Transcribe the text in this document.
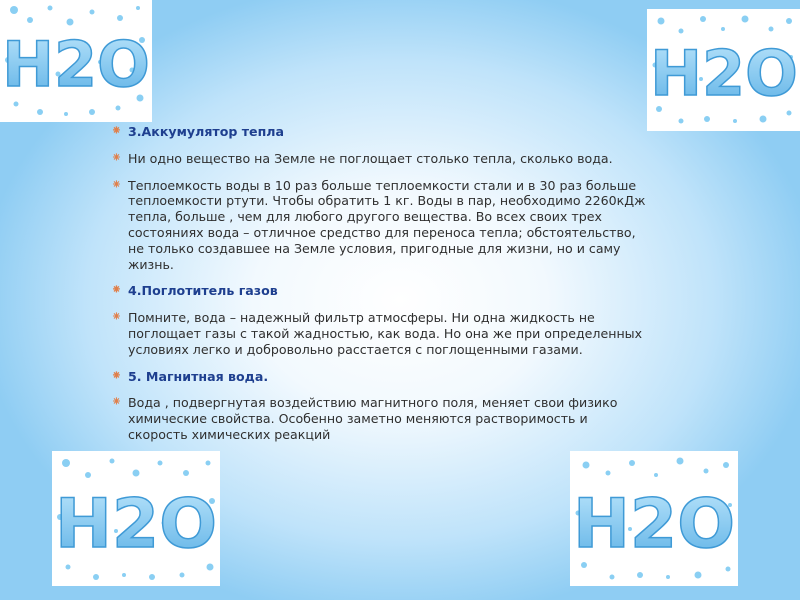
⁕ 3.Аккумулятор тепла
⁕ Ни одно вещество на Земле не поглощает столько тепла, сколько вода.
⁕ Теплоемкость воды в 10 раз больше теплоемкости стали и в 30 раз больше теплоемкости ртути. Чтобы обратить 1 кг. Воды в пар, необходимо 2260кДж тепла, больше , чем для любого другого вещества. Во всех своих трех состояниях вода – отличное средство для переноса тепла; обстоятельство, не только создавшее на Земле условия, пригодные для жизни, но и саму жизнь.
⁕ 4.Поглотитель газов
⁕ Помните, вода – надежный фильтр атмосферы. Ни одна жидкость не поглощает газы с такой жадностью, как вода. Но она же при определенных условиях легко и добровольно расстается с поглощенными газами.
⁕ 5. Магнитная вода.
⁕ Вода , подвергнутая воздействию магнитного поля, меняет свои физико химические свойства. Особенно заметно меняются растворимость и скорость химических реакций
H2O	H2O
H2O	H2O
